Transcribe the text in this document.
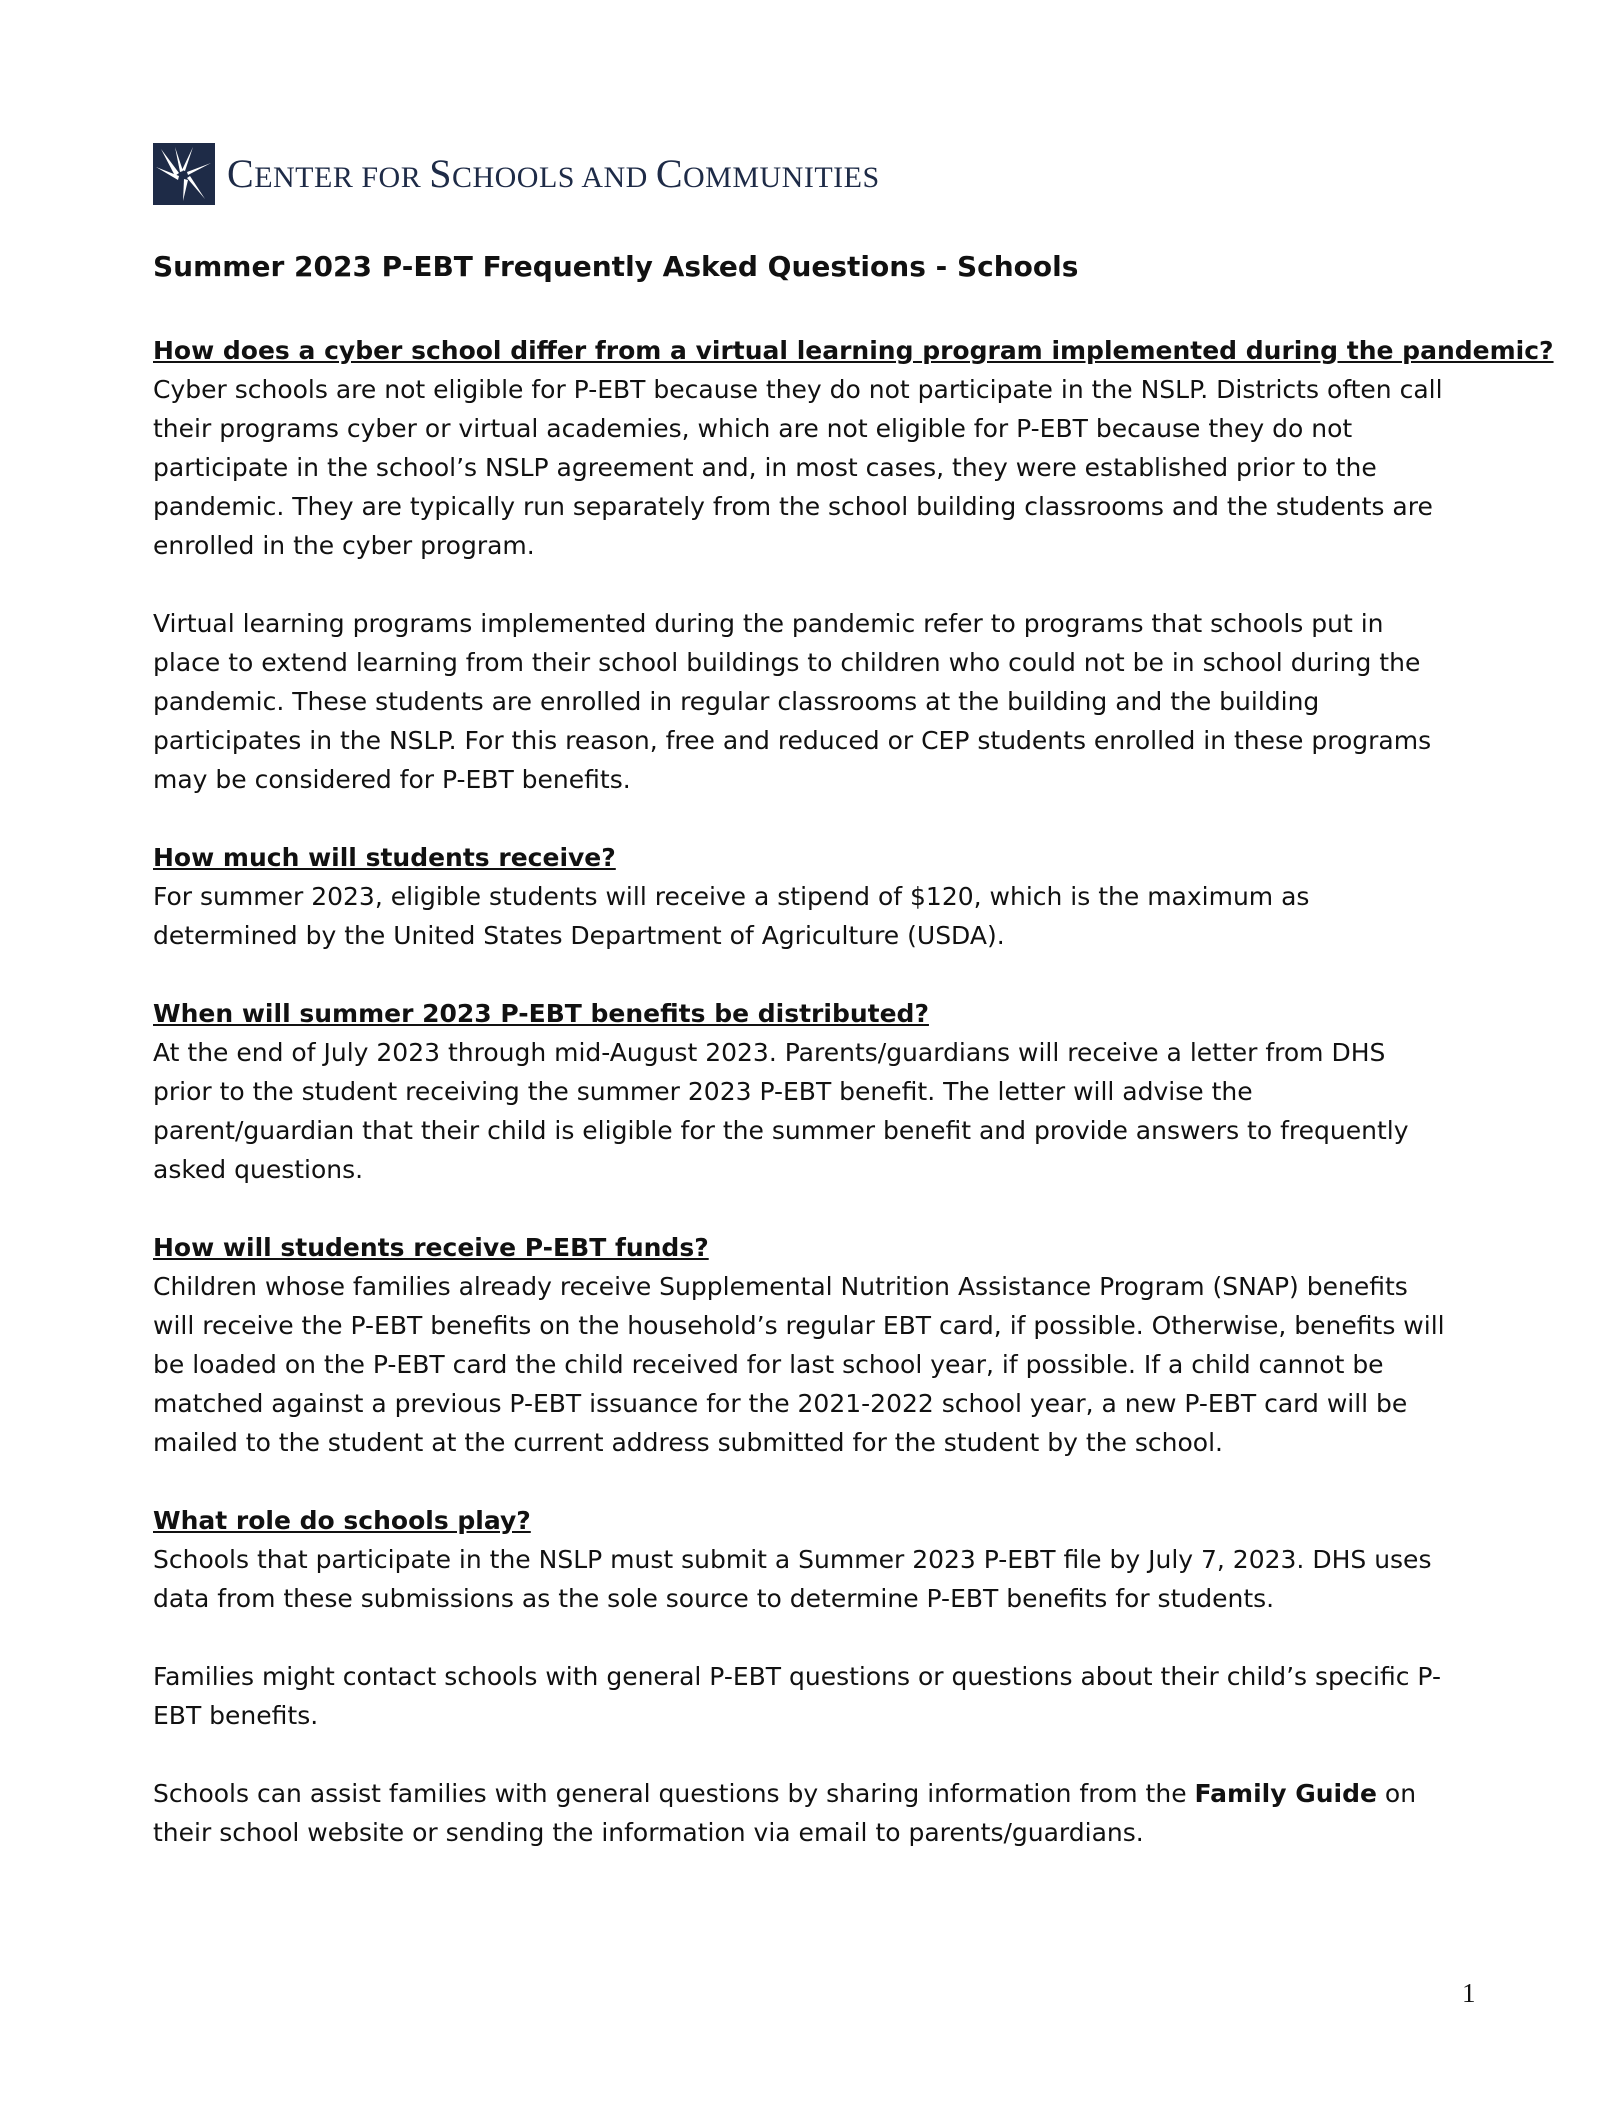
CENTER FOR SCHOOLS AND COMMUNITIES
Summer 2023 P-EBT Frequently Asked Questions - Schools

How does a cyber school differ from a virtual learning program implemented during the pandemic?

Cyber schools are not eligible for P-EBT because they do not participate in the NSLP. Districts often call

their programs cyber or virtual academies, which are not eligible for P-EBT because they do not

participate in the school’s NSLP agreement and, in most cases, they were established prior to the

pandemic. They are typically run separately from the school building classrooms and the students are

enrolled in the cyber program.

Virtual learning programs implemented during the pandemic refer to programs that schools put in

place to extend learning from their school buildings to children who could not be in school during the

pandemic. These students are enrolled in regular classrooms at the building and the building

participates in the NSLP. For this reason, free and reduced or CEP students enrolled in these programs

may be considered for P-EBT benefits.

How much will students receive?

For summer 2023, eligible students will receive a stipend of $120, which is the maximum as

determined by the United States Department of Agriculture (USDA).

When will summer 2023 P-EBT benefits be distributed?

At the end of July 2023 through mid-August 2023. Parents/guardians will receive a letter from DHS

prior to the student receiving the summer 2023 P-EBT benefit. The letter will advise the

parent/guardian that their child is eligible for the summer benefit and provide answers to frequently

asked questions.

How will students receive P-EBT funds?

Children whose families already receive Supplemental Nutrition Assistance Program (SNAP) benefits

will receive the P-EBT benefits on the household’s regular EBT card, if possible. Otherwise, benefits will

be loaded on the P-EBT card the child received for last school year, if possible. If a child cannot be

matched against a previous P-EBT issuance for the 2021-2022 school year, a new P-EBT card will be

mailed to the student at the current address submitted for the student by the school.

What role do schools play?

Schools that participate in the NSLP must submit a Summer 2023 P-EBT file by July 7, 2023. DHS uses

data from these submissions as the sole source to determine P-EBT benefits for students.

Families might contact schools with general P-EBT questions or questions about their child’s specific P-

EBT benefits.

Schools can assist families with general questions by sharing information from the Family Guide on

their school website or sending the information via email to parents/guardians.

1
